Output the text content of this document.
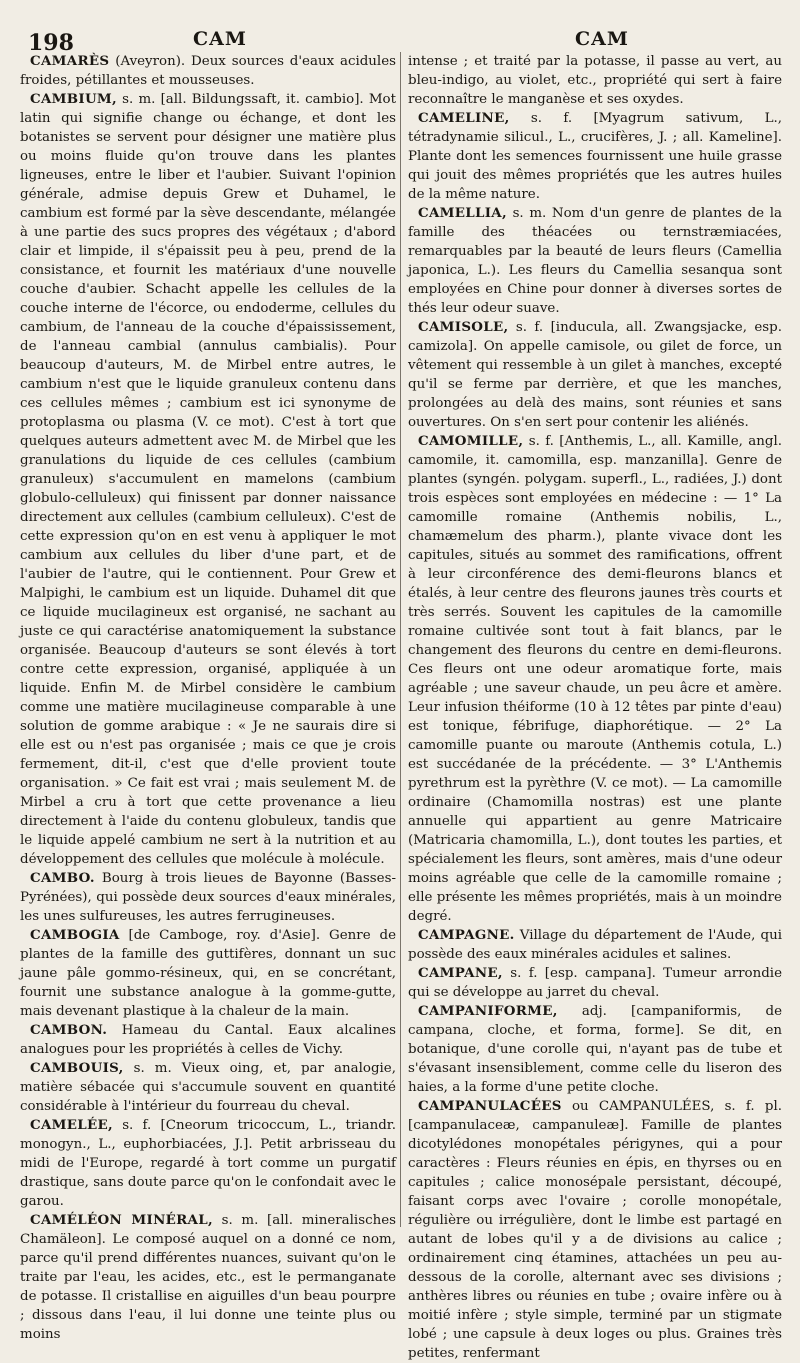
198	CAM	CAM

CAMARÈS (Aveyron). Deux sources d'eaux acidules froides, pétillantes et mousseuses.

CAMBIUM, s. m. [all. Bildungssaft, it. cambio]. Mot latin qui signifie change ou échange, et dont les botanistes se servent pour désigner une matière plus ou moins fluide qu'on trouve dans les plantes ligneuses, entre le liber et l'aubier. Suivant l'opinion générale, admise depuis Grew et Duhamel, le cambium est formé par la sève descendante, mélangée à une partie des sucs propres des végétaux ; d'abord clair et limpide, il s'épaissit peu à peu, prend de la consistance, et fournit les matériaux d'une nouvelle couche d'aubier. Schacht appelle les cellules de la couche interne de l'écorce, ou endoderme, cellules du cambium, de l'anneau de la couche d'épaississement, de l'anneau cambial (annulus cambialis). Pour beaucoup d'auteurs, M. de Mirbel entre autres, le cambium n'est que le liquide granuleux contenu dans ces cellules mêmes ; cambium est ici synonyme de protoplasma ou plasma (V. ce mot). C'est à tort que quelques auteurs admettent avec M. de Mirbel que les granulations du liquide de ces cellules (cambium granuleux) s'accumulent en mamelons (cambium globulo-celluleux) qui finissent par donner naissance directement aux cellules (cambium celluleux). C'est de cette expression qu'on en est venu à appliquer le mot cambium aux cellules du liber d'une part, et de l'aubier de l'autre, qui le contiennent. Pour Grew et Malpighi, le cambium est un liquide. Duhamel dit que ce liquide mucilagineux est organisé, ne sachant au juste ce qui caractérise anatomiquement la substance organisée. Beaucoup d'auteurs se sont élevés à tort contre cette expression, organisé, appliquée à un liquide. Enfin M. de Mirbel considère le cambium comme une matière mucilagineuse comparable à une solution de gomme arabique : « Je ne saurais dire si elle est ou n'est pas organisée ; mais ce que je crois fermement, dit-il, c'est que d'elle provient toute organisation. » Ce fait est vrai ; mais seulement M. de Mirbel a cru à tort que cette provenance a lieu directement à l'aide du contenu globuleux, tandis que le liquide appelé cambium ne sert à la nutrition et au développement des cellules que molécule à molécule.

CAMBO. Bourg à trois lieues de Bayonne (Basses-Pyrénées), qui possède deux sources d'eaux minérales, les unes sulfureuses, les autres ferrugineuses.

CAMBOGIA [de Camboge, roy. d'Asie]. Genre de plantes de la famille des guttifères, donnant un suc jaune pâle gommo-résineux, qui, en se concrétant, fournit une substance analogue à la gomme-gutte, mais devenant plastique à la chaleur de la main.

CAMBON. Hameau du Cantal. Eaux alcalines analogues pour les propriétés à celles de Vichy.

CAMBOUIS, s. m. Vieux oing, et, par analogie, matière sébacée qui s'accumule souvent en quantité considérable à l'intérieur du fourreau du cheval.

CAMELÉE, s. f. [Cneorum tricoccum, L., triandr. monogyn., L., euphorbiacées, J.]. Petit arbrisseau du midi de l'Europe, regardé à tort comme un purgatif drastique, sans doute parce qu'on le confondait avec le garou.

CAMÉLÉON MINÉRAL, s. m. [all. mineralisches Chamäleon]. Le composé auquel on a donné ce nom, parce qu'il prend différentes nuances, suivant qu'on le traite par l'eau, les acides, etc., est le permanganate de potasse. Il cristallise en aiguilles d'un beau pourpre ; dissous dans l'eau, il lui donne une teinte plus ou moins

intense ; et traité par la potasse, il passe au vert, au bleu-indigo, au violet, etc., propriété qui sert à faire reconnaître le manganèse et ses oxydes.

CAMELINE, s. f. [Myagrum sativum, L., tétradynamie silicul., L., crucifères, J. ; all. Kameline]. Plante dont les semences fournissent une huile grasse qui jouit des mêmes propriétés que les autres huiles de la même nature.

CAMELLIA, s. m. Nom d'un genre de plantes de la famille des théacées ou ternstræmiacées, remarquables par la beauté de leurs fleurs (Camellia japonica, L.). Les fleurs du Camellia sesanqua sont employées en Chine pour donner à diverses sortes de thés leur odeur suave.

CAMISOLE, s. f. [inducula, all. Zwangsjacke, esp. camizola]. On appelle camisole, ou gilet de force, un vêtement qui ressemble à un gilet à manches, excepté qu'il se ferme par derrière, et que les manches, prolongées au delà des mains, sont réunies et sans ouvertures. On s'en sert pour contenir les aliénés.

CAMOMILLE, s. f. [Anthemis, L., all. Kamille, angl. camomile, it. camomilla, esp. manzanilla]. Genre de plantes (syngén. polygam. superfl., L., radiées, J.) dont trois espèces sont employées en médecine : — 1° La camomille romaine (Anthemis nobilis, L., chamæmelum des pharm.), plante vivace dont les capitules, situés au sommet des ramifications, offrent à leur circonférence des demi-fleurons blancs et étalés, à leur centre des fleurons jaunes très courts et très serrés. Souvent les capitules de la camomille romaine cultivée sont tout à fait blancs, par le changement des fleurons du centre en demi-fleurons. Ces fleurs ont une odeur aromatique forte, mais agréable ; une saveur chaude, un peu âcre et amère. Leur infusion théiforme (10 à 12 têtes par pinte d'eau) est tonique, fébrifuge, diaphorétique. — 2° La camomille puante ou maroute (Anthemis cotula, L.) est succédanée de la précédente. — 3° L'Anthemis pyrethrum est la pyrèthre (V. ce mot). — La camomille ordinaire (Chamomilla nostras) est une plante annuelle qui appartient au genre Matricaire (Matricaria chamomilla, L.), dont toutes les parties, et spécialement les fleurs, sont amères, mais d'une odeur moins agréable que celle de la camomille romaine ; elle présente les mêmes propriétés, mais à un moindre degré.

CAMPAGNE. Village du département de l'Aude, qui possède des eaux minérales acidules et salines.

CAMPANE, s. f. [esp. campana]. Tumeur arrondie qui se développe au jarret du cheval.

CAMPANIFORME, adj. [campaniformis, de campana, cloche, et forma, forme]. Se dit, en botanique, d'une corolle qui, n'ayant pas de tube et s'évasant insensiblement, comme celle du liseron des haies, a la forme d'une petite cloche.

CAMPANULACÉES ou CAMPANULÉES, s. f. pl. [campanulaceæ, campanuleæ]. Famille de plantes dicotylédones monopétales périgynes, qui a pour caractères : Fleurs réunies en épis, en thyrses ou en capitules ; calice monosépale persistant, découpé, faisant corps avec l'ovaire ; corolle monopétale, régulière ou irrégulière, dont le limbe est partagé en autant de lobes qu'il y a de divisions au calice ; ordinairement cinq étamines, attachées un peu au-dessous de la corolle, alternant avec ses divisions ; anthères libres ou réunies en tube ; ovaire infère ou à moitié infère ; style simple, terminé par un stigmate lobé ; une capsule à deux loges ou plus. Graines très petites, renfermant
